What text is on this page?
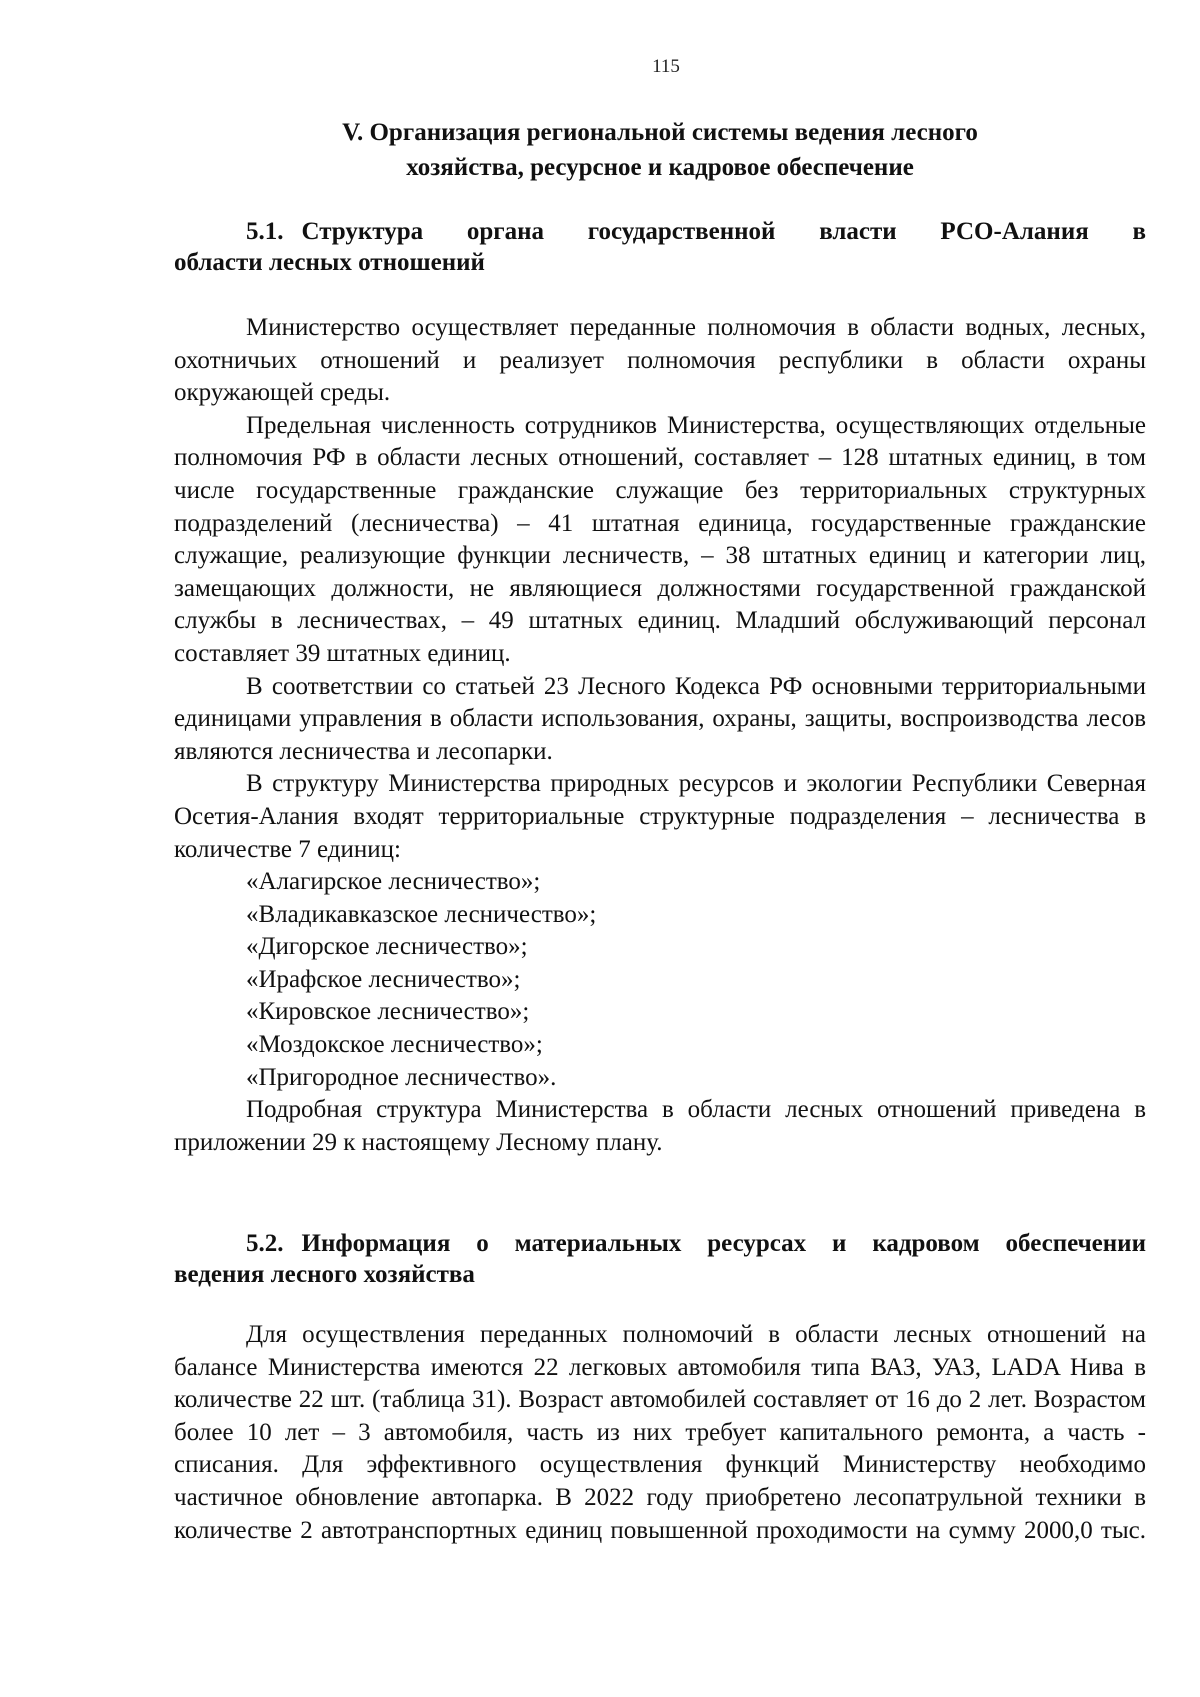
115
V. Организация региональной системы ведения лесного
хозяйства, ресурсное и кадровое обеспечение
5.1. Структура органа государственной власти РСО-Алания в
области лесных отношений

Министерство осуществляет переданные полномочия в области водных, лесных, охотничьих отношений и реализует полномочия республики в области охраны окружающей среды.

Предельная численность сотрудников Министерства, осуществляющих отдельные полномочия РФ в области лесных отношений, составляет – 128 штатных единиц, в том числе государственные гражданские служащие без территориальных структурных подразделений (лесничества) – 41 штатная единица, государственные гражданские служащие, реализующие функции лесничеств, – 38 штатных единиц и категории лиц, замещающих должности, не являющиеся должностями государственной гражданской службы в лесничествах, – 49 штатных единиц. Младший обслуживающий персонал составляет 39 штатных единиц.

В соответствии со статьей 23 Лесного Кодекса РФ основными территориальными единицами управления в области использования, охраны, защиты, воспроизводства лесов являются лесничества и лесопарки.

В структуру Министерства природных ресурсов и экологии Республики Северная Осетия-Алания входят территориальные структурные подразделения – лесничества в количестве 7 единиц:

«Алагирское лесничество»;

«Владикавказское лесничество»;

«Дигорское лесничество»;

«Ирафское лесничество»;

«Кировское лесничество»;

«Моздокское лесничество»;

«Пригородное лесничество».

Подробная структура Министерства в области лесных отношений приведена в приложении 29 к настоящему Лесному плану.

5.2. Информация о материальных ресурсах и кадровом обеспечении
ведения лесного хозяйства

Для осуществления переданных полномочий в области лесных отношений на балансе Министерства имеются 22 легковых автомобиля типа ВАЗ, УАЗ, LADA Нива в количестве 22 шт. (таблица 31). Возраст автомобилей составляет от 16 до 2 лет. Возрастом более 10 лет – 3 автомобиля, часть из них требует капитального ремонта, а часть - списания. Для эффективного осуществления функций Министерству необходимо частичное обновление автопарка. В 2022 году приобретено лесопатрульной техники в количестве 2 автотранспортных единиц повышенной проходимости на сумму 2000,0 тыс.
